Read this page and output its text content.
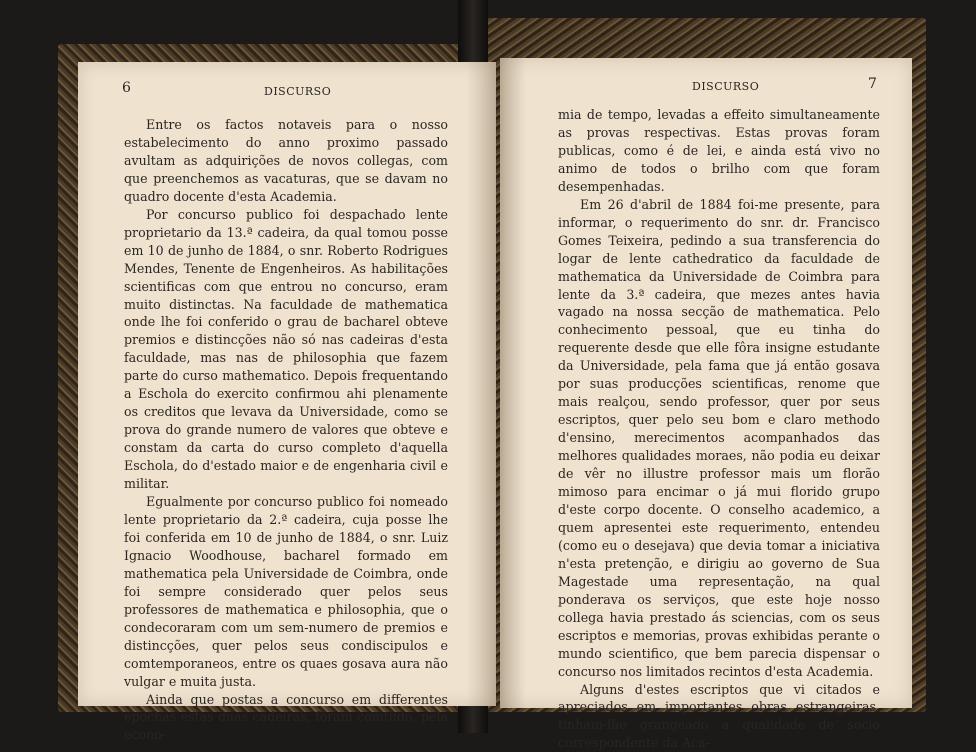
6	DISCURSO

Entre os factos notaveis para o nosso estabelecimento do anno proximo passado avultam as adquirições de novos collegas, com que preenchemos as vacaturas, que se davam no quadro docente d'esta Academia.

Por concurso publico foi despachado lente proprietario da 13.ª cadeira, da qual tomou posse em 10 de junho de 1884, o snr. Roberto Rodrigues Mendes, Tenente de Engenheiros. As habilitações scientificas com que entrou no concurso, eram muito distinctas. Na faculdade de mathematica onde lhe foi conferido o grau de bacharel obteve premios e distincções não só nas cadeiras d'esta faculdade, mas nas de philosophia que fazem parte do curso mathematico. Depois frequentando a Eschola do exercito confirmou ahi plenamente os creditos que levava da Universidade, como se prova do grande numero de valores que obteve e constam da carta do curso completo d'aquella Eschola, do d'estado maior e de engenharia civil e militar.

Egualmente por concurso publico foi nomeado lente proprietario da 2.ª cadeira, cuja posse lhe foi conferida em 10 de junho de 1884, o snr. Luiz Ignacio Woodhouse, bacharel formado em mathematica pela Universidade de Coimbra, onde foi sempre considerado quer pelos seus professores de mathematica e philosophia, que o condecoraram com um sem-numero de premios e distincções, quer pelos seus condiscipulos e comtemporaneos, entre os quaes gosava aura não vulgar e muita justa.

Ainda que postas a concurso em differentes epochas estas duas cadeiras, foram comtudo, pela econo-

DISCURSO	7

mia de tempo, levadas a effeito simultaneamente as provas respectivas. Estas provas foram publicas, como é de lei, e ainda está vivo no animo de todos o brilho com que foram desempenhadas.

Em 26 d'abril de 1884 foi-me presente, para informar, o requerimento do snr. dr. Francisco Gomes Teixeira, pedindo a sua transferencia do logar de lente cathedratico da faculdade de mathematica da Universidade de Coimbra para lente da 3.ª cadeira, que mezes antes havia vagado na nossa secção de mathematica. Pelo conhecimento pessoal, que eu tinha do requerente desde que elle fôra insigne estudante da Universidade, pela fama que já então gosava por suas producções scientificas, renome que mais realçou, sendo professor, quer por seus escriptos, quer pelo seu bom e claro methodo d'ensino, merecimentos acompanhados das melhores qualidades moraes, não podia eu deixar de vêr no illustre professor mais um florão mimoso para encimar o já mui florido grupo d'este corpo docente. O conselho academico, a quem apresentei este requerimento, entendeu (como eu o desejava) que devia tomar a iniciativa n'esta pretenção, e dirigiu ao governo de Sua Magestade uma representação, na qual ponderava os serviços, que este hoje nosso collega havia prestado ás sciencias, com os seus escriptos e memorias, provas exhibidas perante o mundo scientifico, que bem parecia dispensar o concurso nos limitados recintos d'esta Academia.

Alguns d'estes escriptos que vi citados e apreciados em importantes obras estrangeiras, tinham-lhe grangeado a qualidade de socio correspondente da Aca-
